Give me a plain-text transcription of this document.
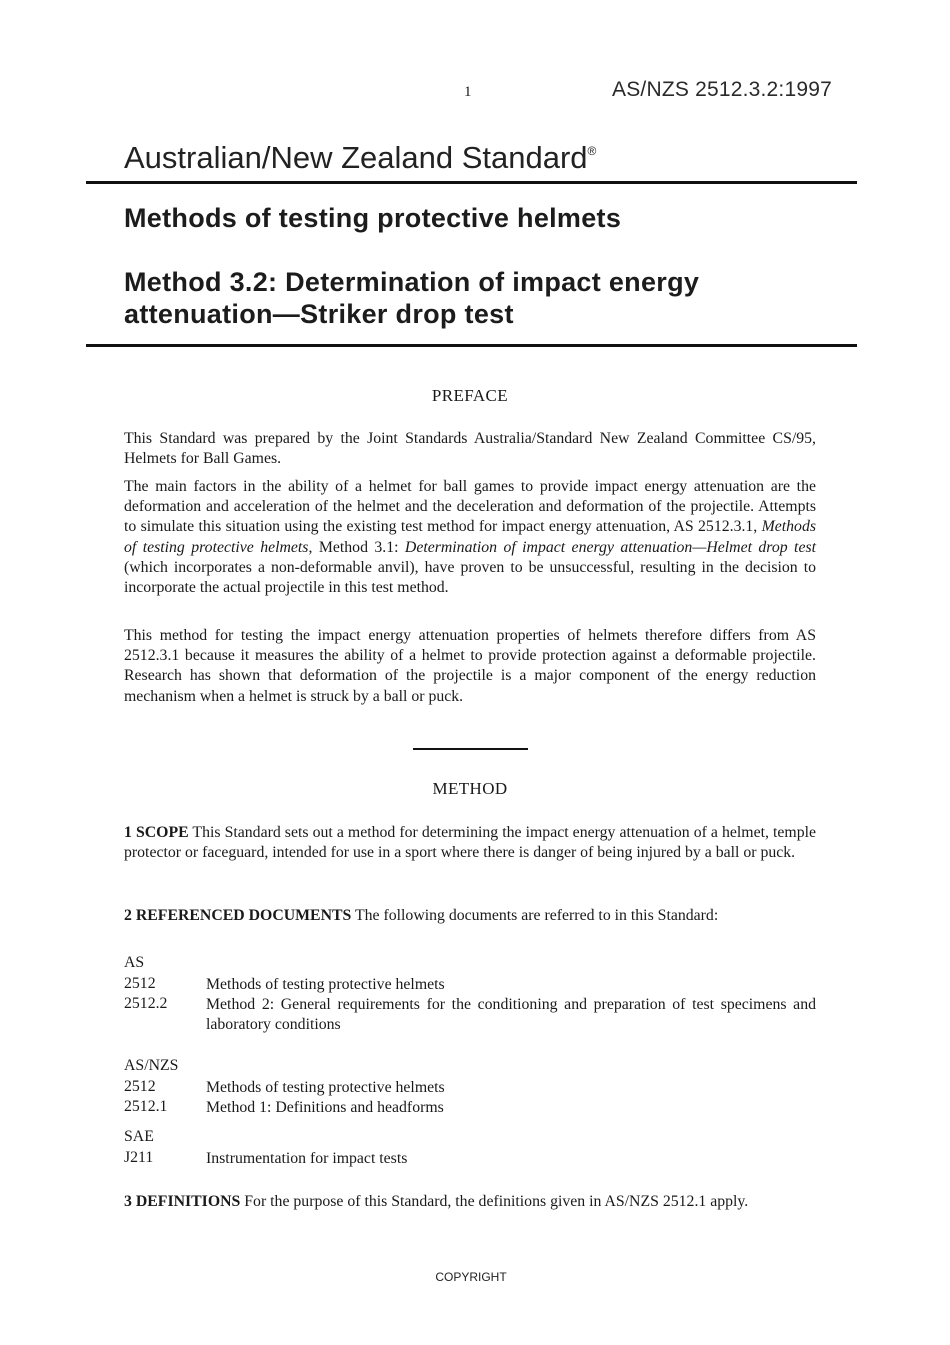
1	AS/NZS 2512.3.2:1997
Australian/New Zealand Standard®
Methods of testing protective helmets
Method 3.2: Determination of impact energy attenuation—Striker drop test
PREFACE

This Standard was prepared by the Joint Standards Australia/Standard New Zealand Committee CS/95, Helmets for Ball Games.

The main factors in the ability of a helmet for ball games to provide impact energy attenuation are the deformation and acceleration of the helmet and the deceleration and deformation of the projectile. Attempts to simulate this situation using the existing test method for impact energy attenuation, AS 2512.3.1, Methods of testing protective helmets, Method 3.1: Determination of impact energy attenuation—Helmet drop test (which incorporates a non-deformable anvil), have proven to be unsuccessful, resulting in the decision to incorporate the actual projectile in this test method.

This method for testing the impact energy attenuation properties of helmets therefore differs from AS 2512.3.1 because it measures the ability of a helmet to provide protection against a deformable projectile. Research has shown that deformation of the projectile is a major component of the energy reduction mechanism when a helmet is struck by a ball or puck.

METHOD

1 SCOPE This Standard sets out a method for determining the impact energy attenuation of a helmet, temple protector or faceguard, intended for use in a sport where there is danger of being injured by a ball or puck.

2 REFERENCED DOCUMENTS The following documents are referred to in this Standard:

AS
2512	Methods of testing protective helmets
2512.2 Method 2: General requirements for the conditioning and preparation of test specimens and laboratory conditions
AS/NZS
2512	Methods of testing protective helmets
2512.1 Method 1: Definitions and headforms
SAE
J211	Instrumentation for impact tests

3 DEFINITIONS For the purpose of this Standard, the definitions given in AS/NZS 2512.1 apply.

COPYRIGHT
